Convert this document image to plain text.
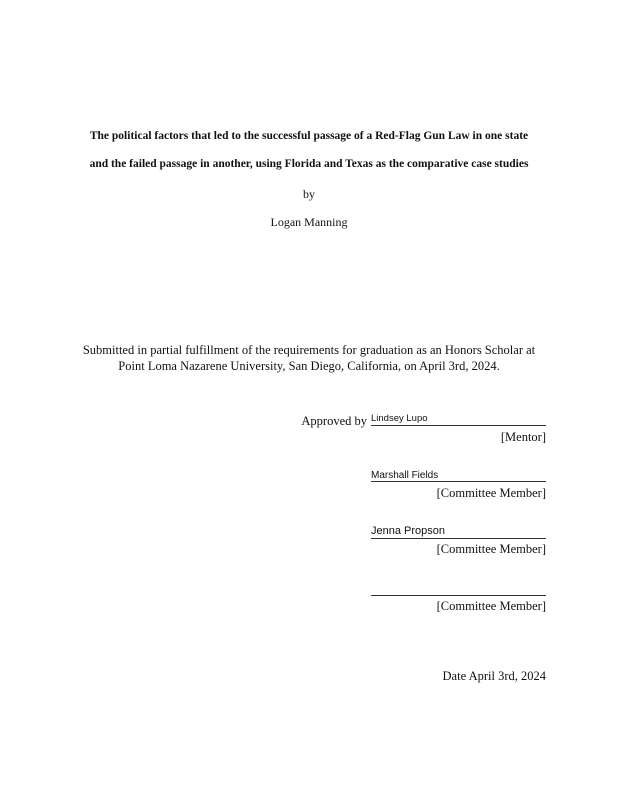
The political factors that led to the successful passage of a Red-Flag Gun Law in one state
and the failed passage in another, using Florida and Texas as the comparative case studies
by
Logan Manning
Submitted in partial fulfillment of the requirements for graduation as an Honors Scholar at
Point Loma Nazarene University, San Diego, California, on April 3rd, 2024.
Approved by Lindsey Lupo
[Mentor]
Marshall Fields
[Committee Member]
Jenna Propson
[Committee Member]
[Committee Member]
Date April 3rd, 2024
